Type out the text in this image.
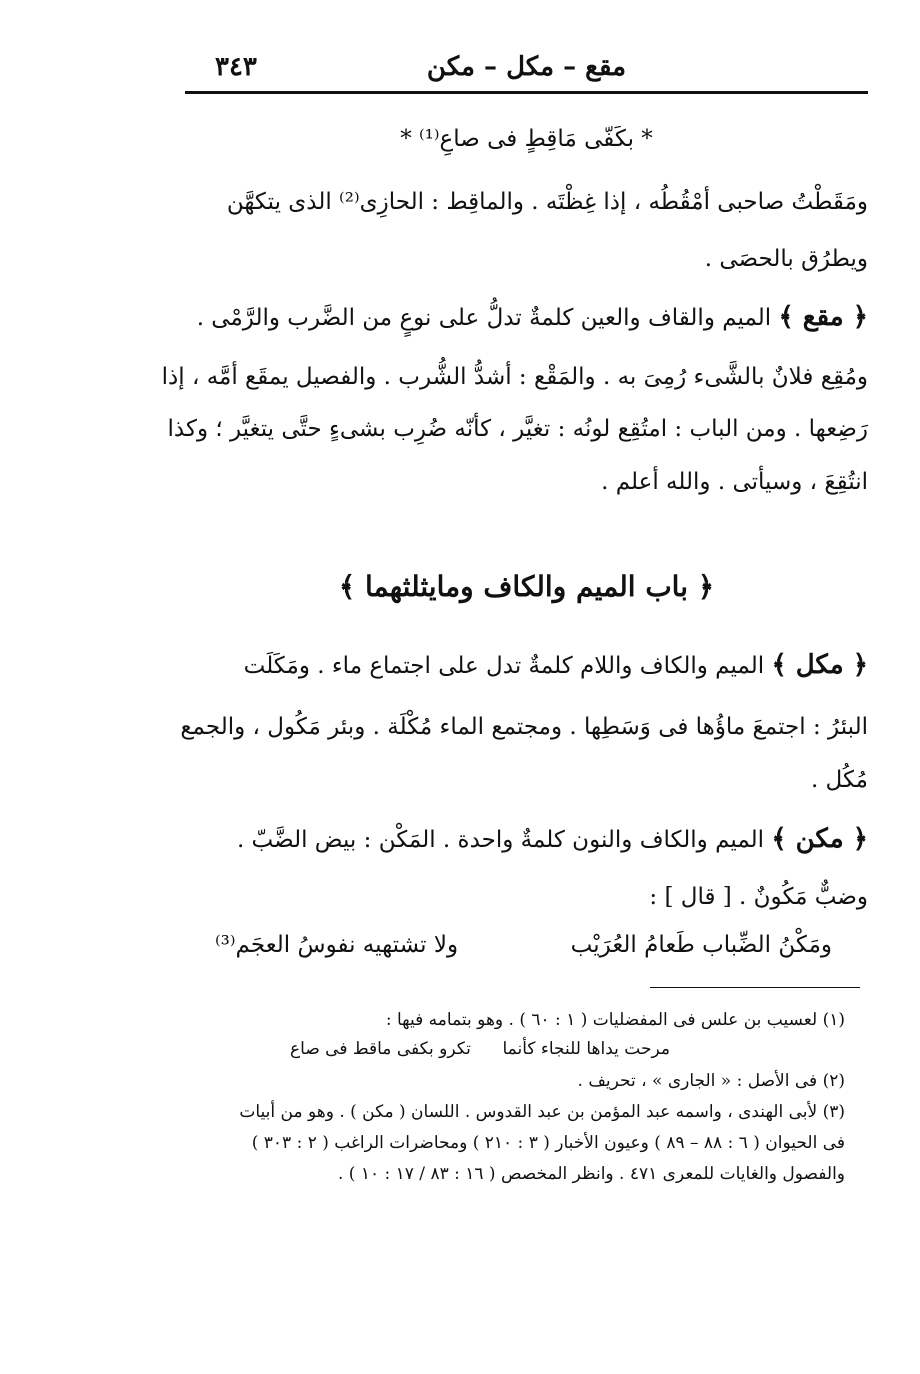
مقع – مكل – مكن
٣٤٣
* بكَفّى مَاقِطٍ فى صاعِ⁽¹⁾ *
ومَقَطْتُ صاحبى أمْقُطُه ، إذا غِظْتَه . والماقِط : الحازِى⁽²⁾ الذى يتكهَّن
ويطرُق بالحصَى .
﴿ مقع ﴾ الميم والقاف والعين كلمةٌ تدلُّ على نوعٍ من الضَّرب والرَّمْى .
ومُقِع فلانٌ بالشَّىء رُمِىَ به . والمَقْع : أشدُّ الشُّرب . والفصيل يمقَع أمَّه ، إذا
رَضِعها . ومن الباب : امتُقِع لونُه : تغيَّر ، كأنّه ضُرِب بشىءٍ حتَّى يتغيَّر ؛ وكذا
انتُقِعَ ، وسيأتى . والله أعلم .
﴿ باب الميم والكاف ومايثلثهما ﴾
﴿ مكل ﴾ الميم والكاف واللام كلمةٌ تدل على اجتماع ماء . ومَكَلَت
البئرُ : اجتمعَ ماؤُها فى وَسَطِها . ومجتمع الماء مُكْلَة . وبئر مَكُول ، والجمع
مُكُل .
﴿ مكن ﴾ الميم والكاف والنون كلمةٌ واحدة . المَكْن : بيض الضَّبّ .
وضبٌّ مَكُونٌ . [ قال ] :
ومَكْنُ الضِّباب طَعامُ العُرَيْب
ولا تشتهيه نفوسُ العجَم⁽³⁾
(١) لعسيب بن علس فى المفضليات ( ١ : ٦٠ ) . وهو بتمامه فيها :
مرحت يداها للنجاء كأنما
تكرو بكفى ماقط فى صاع
(٢) فى الأصل : « الجارى » ، تحريف .
(٣) لأبى الهندى ، واسمه عبد المؤمن بن عبد القدوس . اللسان ( مكن ) . وهو من أبيات
فى الحيوان ( ٦ : ٨٨ – ٨٩ ) وعيون الأخبار ( ٣ : ٢١٠ ) ومحاضرات الراغب ( ٢ : ٣٠٣ )
والفصول والغايات للمعرى ٤٧١ . وانظر المخصص ( ١٦ : ٨٣ / ١٧ : ١٠ ) .
